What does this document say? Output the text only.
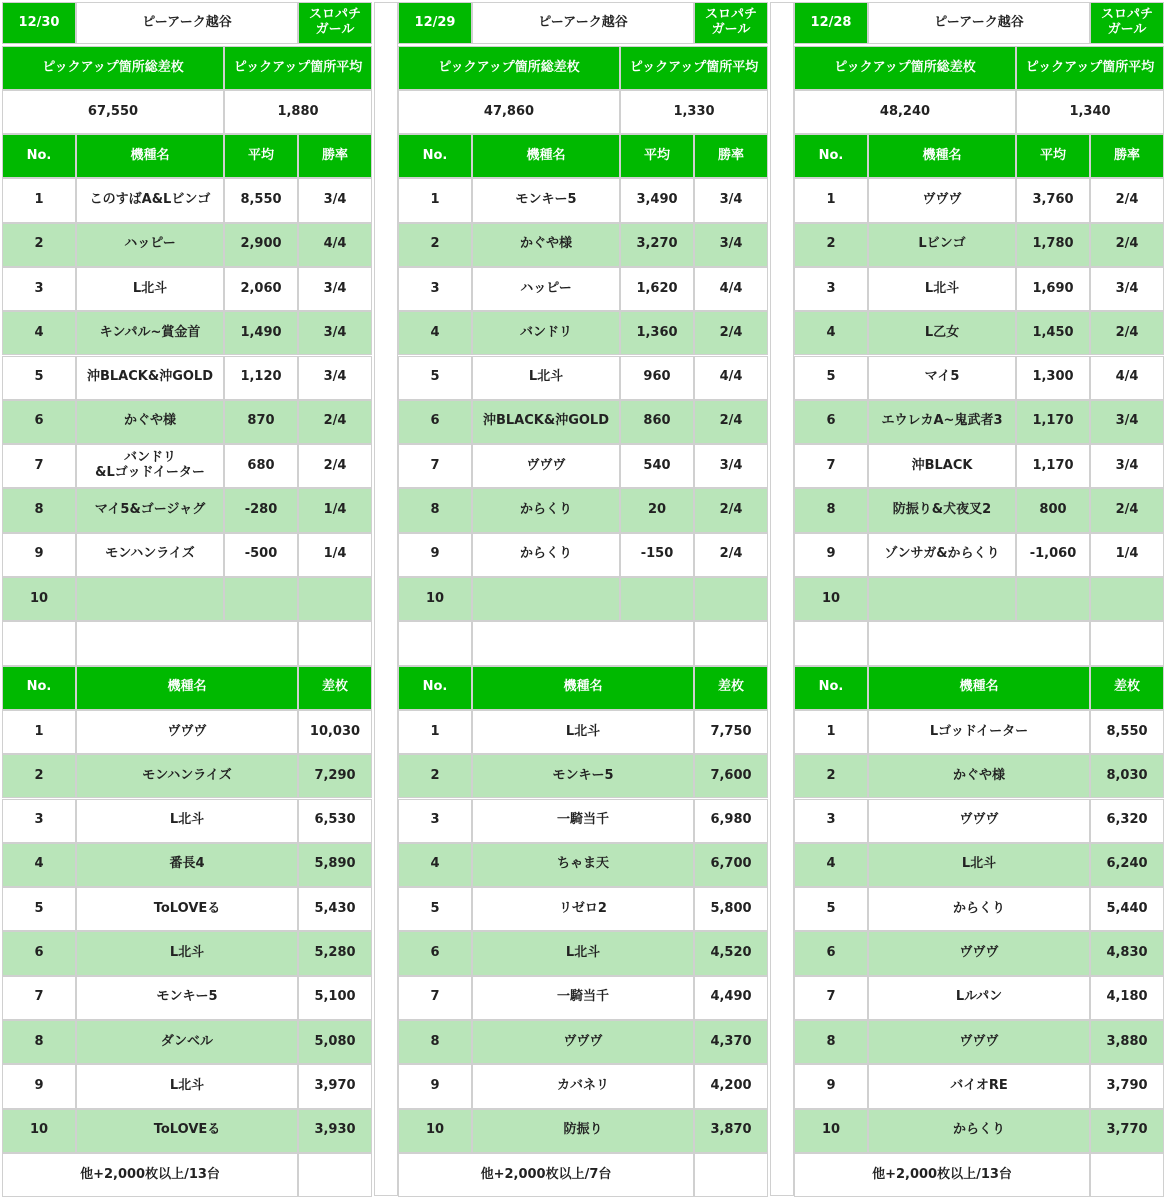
12/30	ピーアーク越谷	スロパチ
ガール
ピックアップ箇所総差枚	ピックアップ箇所平均
67,550	1,880
No.	機種名	平均	勝率
1	このすばA&Lビンゴ	8,550	3/4
2	ハッピー	2,900	4/4
3	L北斗	2,060	3/4
4	キンパル~賞金首	1,490	3/4
5	沖BLACK&沖GOLD	1,120	3/4
6	かぐや様	870	2/4
7	バンドリ
&Lゴッドイーター	680	2/4
8	マイ5&ゴージャグ	-280	1/4
9	モンハンライズ	-500	1/4
10
No.	機種名	差枚
1	ヴヴヴ	10,030
2	モンハンライズ	7,290
3	L北斗	6,530
4	番長4	5,890
5	ToLOVEる	5,430
6	L北斗	5,280
7	モンキー5	5,100
8	ダンベル	5,080
9	L北斗	3,970
10	ToLOVEる	3,930
他+2,000枚以上/13台
12/29	ピーアーク越谷	スロパチ
ガール
ピックアップ箇所総差枚	ピックアップ箇所平均
47,860	1,330
No.	機種名	平均	勝率
1	モンキー5	3,490	3/4
2	かぐや様	3,270	3/4
3	ハッピー	1,620	4/4
4	バンドリ	1,360	2/4
5	L北斗	960	4/4
6	沖BLACK&沖GOLD	860	2/4
7	ヴヴヴ	540	3/4
8	からくり	20	2/4
9	からくり	-150	2/4
10
No.	機種名	差枚
1	L北斗	7,750
2	モンキー5	7,600
3	一騎当千	6,980
4	ちゃま天	6,700
5	リゼロ2	5,800
6	L北斗	4,520
7	一騎当千	4,490
8	ヴヴヴ	4,370
9	カバネリ	4,200
10	防振り	3,870
他+2,000枚以上/7台
12/28	ピーアーク越谷	スロパチ
ガール
ピックアップ箇所総差枚	ピックアップ箇所平均
48,240	1,340
No.	機種名	平均	勝率
1	ヴヴヴ	3,760	2/4
2	Lビンゴ	1,780	2/4
3	L北斗	1,690	3/4
4	L乙女	1,450	2/4
5	マイ5	1,300	4/4
6	エウレカA~鬼武者3	1,170	3/4
7	沖BLACK	1,170	3/4
8	防振り&犬夜叉2	800	2/4
9	ゾンサガ&からくり	-1,060	1/4
10
No.	機種名	差枚
1	Lゴッドイーター	8,550
2	かぐや様	8,030
3	ヴヴヴ	6,320
4	L北斗	6,240
5	からくり	5,440
6	ヴヴヴ	4,830
7	Lルパン	4,180
8	ヴヴヴ	3,880
9	バイオRE	3,790
10	からくり	3,770
他+2,000枚以上/13台
